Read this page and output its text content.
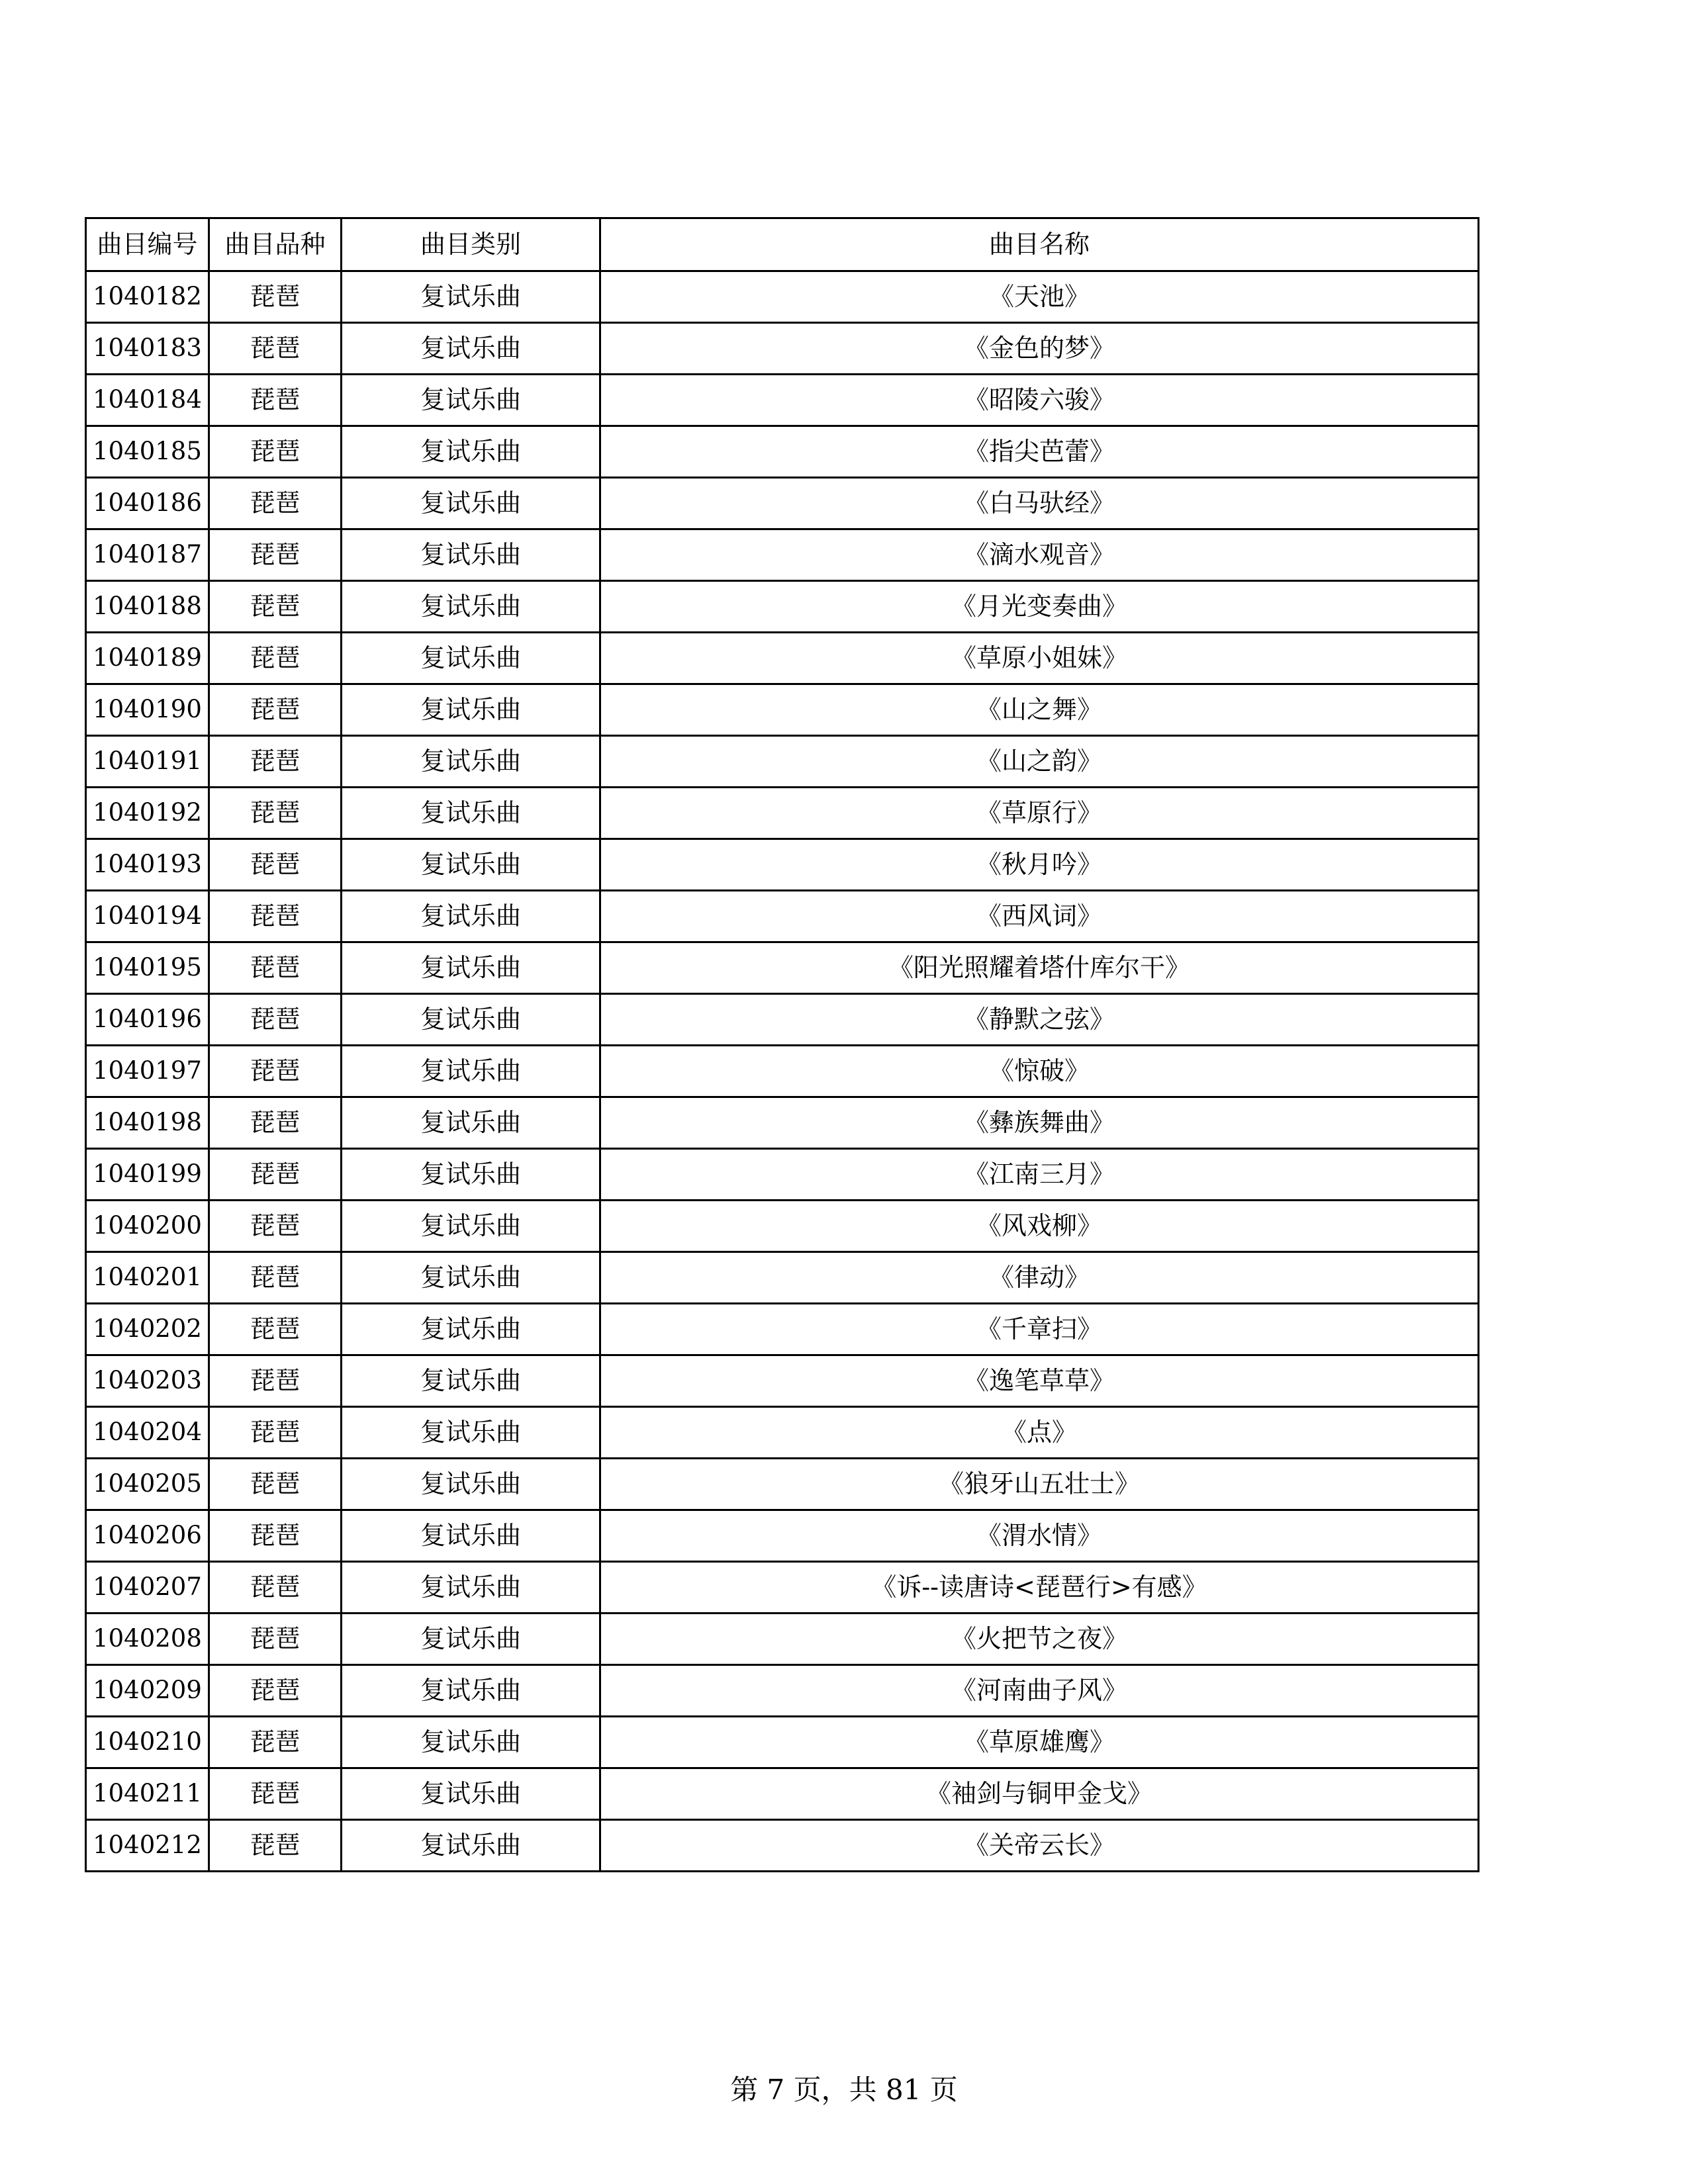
曲目编号	曲目品种	曲目类别	曲目名称
1040182	琵琶	复试乐曲	《天池》
1040183	琵琶	复试乐曲	《金色的梦》
1040184	琵琶	复试乐曲	《昭陵六骏》
1040185	琵琶	复试乐曲	《指尖芭蕾》
1040186	琵琶	复试乐曲	《白马驮经》
1040187	琵琶	复试乐曲	《滴水观音》
1040188	琵琶	复试乐曲	《月光变奏曲》
1040189	琵琶	复试乐曲	《草原小姐妹》
1040190	琵琶	复试乐曲	《山之舞》
1040191	琵琶	复试乐曲	《山之韵》
1040192	琵琶	复试乐曲	《草原行》
1040193	琵琶	复试乐曲	《秋月吟》
1040194	琵琶	复试乐曲	《西风词》
1040195	琵琶	复试乐曲	《阳光照耀着塔什库尔干》
1040196	琵琶	复试乐曲	《静默之弦》
1040197	琵琶	复试乐曲	《惊破》
1040198	琵琶	复试乐曲	《彝族舞曲》
1040199	琵琶	复试乐曲	《江南三月》
1040200	琵琶	复试乐曲	《风戏柳》
1040201	琵琶	复试乐曲	《律动》
1040202	琵琶	复试乐曲	《千章扫》
1040203	琵琶	复试乐曲	《逸笔草草》
1040204	琵琶	复试乐曲	《点》
1040205	琵琶	复试乐曲	《狼牙山五壮士》
1040206	琵琶	复试乐曲	《渭水情》
1040207	琵琶	复试乐曲	《诉--读唐诗<琵琶行>有感》
1040208	琵琶	复试乐曲	《火把节之夜》
1040209	琵琶	复试乐曲	《河南曲子风》
1040210	琵琶	复试乐曲	《草原雄鹰》
1040211	琵琶	复试乐曲	《袖剑与铜甲金戈》
1040212	琵琶	复试乐曲	《关帝云长》
第 7 页，共 81 页
